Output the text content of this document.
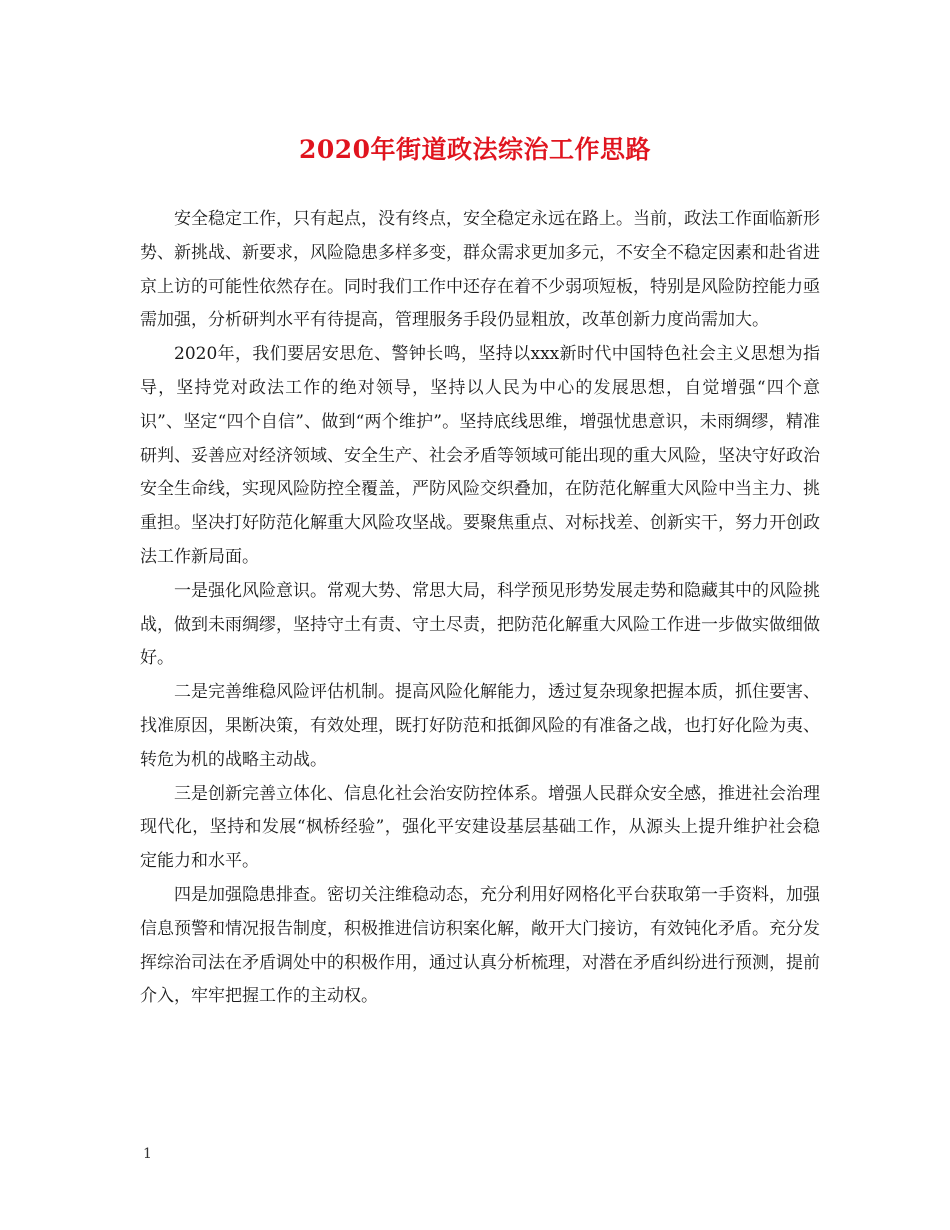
2020年街道政法综治工作思路

安全稳定工作，只有起点，没有终点，安全稳定永远在路上。当前，政法工作面临新形势、新挑战、新要求，风险隐患多样多变，群众需求更加多元，不安全不稳定因素和赴省进京上访的可能性依然存在。同时我们工作中还存在着不少弱项短板，特别是风险防控能力亟需加强，分析研判水平有待提高，管理服务手段仍显粗放，改革创新力度尚需加大。

2020年，我们要居安思危、警钟长鸣，坚持以xxx新时代中国特色社会主义思想为指导，坚持党对政法工作的绝对领导，坚持以人民为中心的发展思想，自觉增强“四个意识”、坚定“四个自信”、做到“两个维护”。坚持底线思维，增强忧患意识，未雨绸缪，精准研判、妥善应对经济领域、安全生产、社会矛盾等领域可能出现的重大风险，坚决守好政治安全生命线，实现风险防控全覆盖，严防风险交织叠加，在防范化解重大风险中当主力、挑重担。坚决打好防范化解重大风险攻坚战。要聚焦重点、对标找差、创新实干，努力开创政法工作新局面。

一是强化风险意识。常观大势、常思大局，科学预见形势发展走势和隐藏其中的风险挑战，做到未雨绸缪，坚持守土有责、守土尽责，把防范化解重大风险工作进一步做实做细做好。

二是完善维稳风险评估机制。提高风险化解能力，透过复杂现象把握本质，抓住要害、找准原因，果断决策，有效处理，既打好防范和抵御风险的有准备之战，也打好化险为夷、转危为机的战略主动战。

三是创新完善立体化、信息化社会治安防控体系。增强人民群众安全感，推进社会治理现代化，坚持和发展“枫桥经验”，强化平安建设基层基础工作，从源头上提升维护社会稳定能力和水平。

四是加强隐患排查。密切关注维稳动态，充分利用好网格化平台获取第一手资料，加强信息预警和情况报告制度，积极推进信访积案化解，敞开大门接访，有效钝化矛盾。充分发挥综治司法在矛盾调处中的积极作用，通过认真分析梳理，对潜在矛盾纠纷进行预测，提前介入，牢牢把握工作的主动权。

1
